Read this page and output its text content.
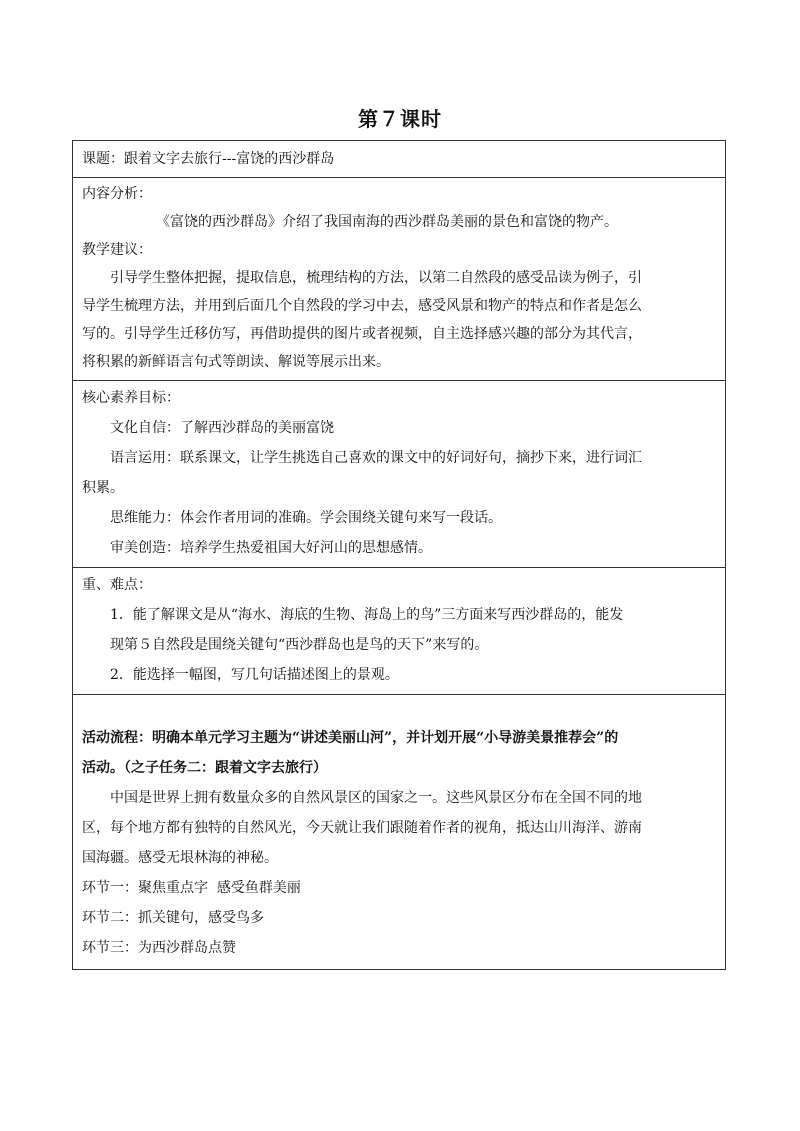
第７课时

课题：跟着文字去旅行---富饶的西沙群岛

内容分析：

《富饶的西沙群岛》介绍了我国南海的西沙群岛美丽的景色和富饶的物产。

教学建议：

引导学生整体把握，提取信息，梳理结构的方法，以第二自然段的感受品读为例子，引

导学生梳理方法，并用到后面几个自然段的学习中去，感受风景和物产的特点和作者是怎么

写的。引导学生迁移仿写，再借助提供的图片或者视频，自主选择感兴趣的部分为其代言，

将积累的新鲜语言句式等朗读、解说等展示出来。

核心素养目标：

文化自信：了解西沙群岛的美丽富饶

语言运用：联系课文，让学生挑选自己喜欢的课文中的好词好句，摘抄下来，进行词汇

积累。

思维能力：体会作者用词的准确。学会围绕关键句来写一段话。

审美创造：培养学生热爱祖国大好河山的思想感情。

重、难点：

1．能了解课文是从“海水、海底的生物、海岛上的鸟”三方面来写西沙群岛的，能发

现第５自然段是围绕关键句“西沙群岛也是鸟的天下”来写的。

2．能选择一幅图，写几句话描述图上的景观。

活动流程：明确本单元学习主题为“讲述美丽山河”，并计划开展“小导游美景推荐会”的

活动。（之子任务二：跟着文字去旅行）

中国是世界上拥有数量众多的自然风景区的国家之一。这些风景区分布在全国不同的地

区，每个地方都有独特的自然风光，今天就让我们跟随着作者的视角，抵达山川海洋、游南

国海疆。感受无垠林海的神秘。

环节一：聚焦重点字  感受鱼群美丽

环节二：抓关键句，感受鸟多

环节三：为西沙群岛点赞
